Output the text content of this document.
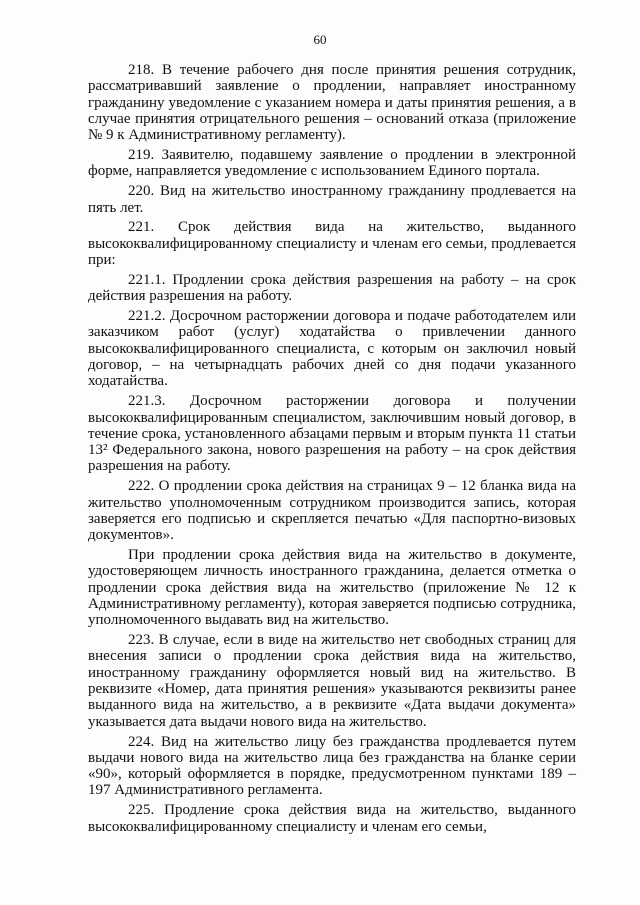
60

218. В течение рабочего дня после принятия решения сотрудник, рассматривавший заявление о продлении, направляет иностранному гражданину уведомление с указанием номера и даты принятия решения, а в случае принятия отрицательного решения – оснований отказа (приложение № 9 к Административному регламенту).

219. Заявителю, подавшему заявление о продлении в электронной форме, направляется уведомление с использованием Единого портала.

220. Вид на жительство иностранному гражданину продлевается на пять лет.

221. Срок действия вида на жительство, выданного высококвалифицированному специалисту и членам его семьи, продлевается при:

221.1. Продлении срока действия разрешения на работу – на срок действия разрешения на работу.

221.2. Досрочном расторжении договора и подаче работодателем или заказчиком работ (услуг) ходатайства о привлечении данного высококвалифицированного специалиста, с которым он заключил новый договор, – на четырнадцать рабочих дней со дня подачи указанного ходатайства.

221.3. Досрочном расторжении договора и получении высококвалифицированным специалистом, заключившим новый договор, в течение срока, установленного абзацами первым и вторым пункта 11 статьи 13² Федерального закона, нового разрешения на работу – на срок действия разрешения на работу.

222. О продлении срока действия на страницах 9 – 12 бланка вида на жительство уполномоченным сотрудником производится запись, которая заверяется его подписью и скрепляется печатью «Для паспортно-визовых документов».

При продлении срока действия вида на жительство в документе, удостоверяющем личность иностранного гражданина, делается отметка о продлении срока действия вида на жительство (приложение № 12 к Административному регламенту), которая заверяется подписью сотрудника, уполномоченного выдавать вид на жительство.

223. В случае, если в виде на жительство нет свободных страниц для внесения записи о продлении срока действия вида на жительство, иностранному гражданину оформляется новый вид на жительство. В реквизите «Номер, дата принятия решения» указываются реквизиты ранее выданного вида на жительство, а в реквизите «Дата выдачи документа» указывается дата выдачи нового вида на жительство.

224. Вид на жительство лицу без гражданства продлевается путем выдачи нового вида на жительство лица без гражданства на бланке серии «90», который оформляется в порядке, предусмотренном пунктами 189 – 197 Административного регламента.

225. Продление срока действия вида на жительство, выданного высококвалифицированному специалисту и членам его семьи,
